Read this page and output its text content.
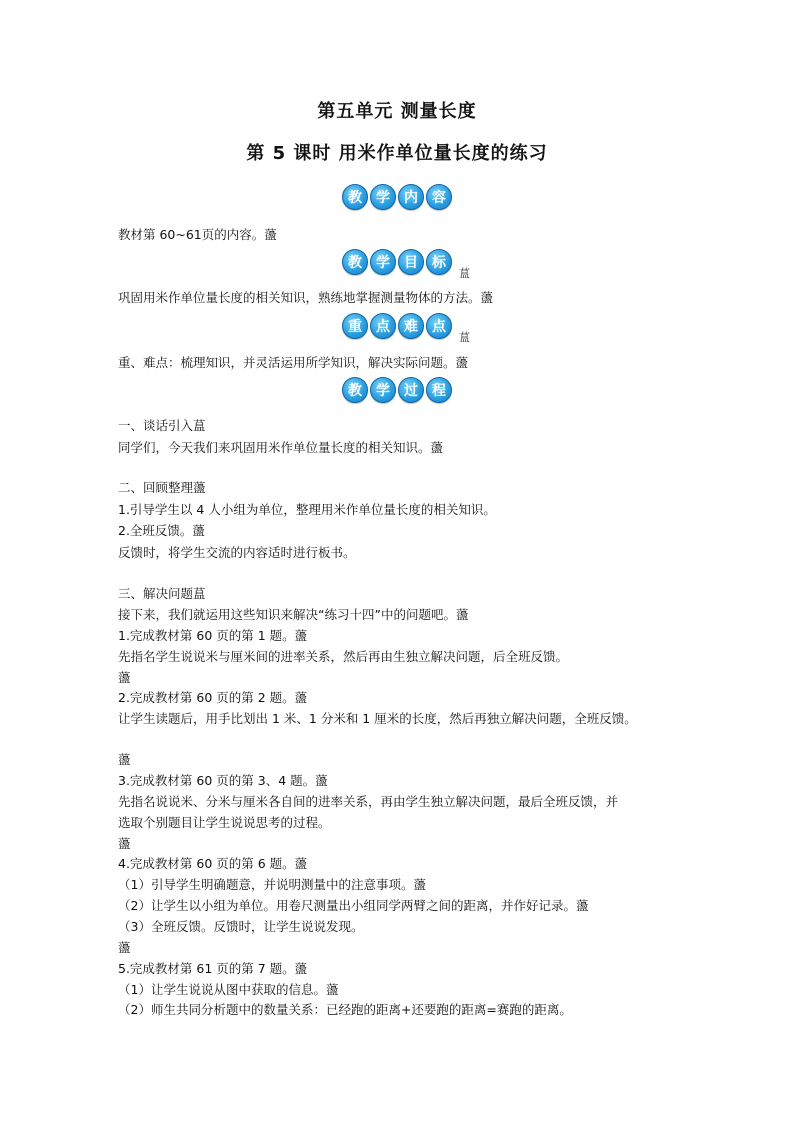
第五单元 测量长度
第 5 课时 用米作单位量长度的练习
教	学	内	容
教材第 60~61页的内容。蘯
教	学	目	标
蒀
巩固用米作单位量长度的相关知识，熟练地掌握测量物体的方法。蘯
重	点	难	点
蒀
重、难点：梳理知识，并灵活运用所学知识，解决实际问题。蘯
教	学	过	程
一、谈话引入蒀
同学们，今天我们来巩固用米作单位量长度的相关知识。蘯
二、回顾整理蘯
1.引导学生以 4 人小组为单位，整理用米作单位量长度的相关知识。
2.全班反馈。蘯
反馈时，将学生交流的内容适时进行板书。
三、解决问题蒀
接下来，我们就运用这些知识来解决“练习十四”中的问题吧。蘯
1.完成教材第 60 页的第 1 题。蘯
先指名学生说说米与厘米间的进率关系，然后再由生独立解决问题，后全班反馈。
蘯
2.完成教材第 60 页的第 2 题。蘯
让学生读题后，用手比划出 1 米、1 分米和 1 厘米的长度，然后再独立解决问题，全班反馈。
蘯
3.完成教材第 60 页的第 3、4 题。蘯
先指名说说米、分米与厘米各自间的进率关系，再由学生独立解决问题，最后全班反馈，并
选取个别题目让学生说说思考的过程。
蘯
4.完成教材第 60 页的第 6 题。蘯
（1）引导学生明确题意，并说明测量中的注意事项。蘯
（2）让学生以小组为单位。用卷尺测量出小组同学两臂之间的距离，并作好记录。蘯
（3）全班反馈。反馈时，让学生说说发现。
蘯
5.完成教材第 61 页的第 7 题。蘯
（1）让学生说说从图中获取的信息。蘯
（2）师生共同分析题中的数量关系：已经跑的距离+还要跑的距离=赛跑的距离。
